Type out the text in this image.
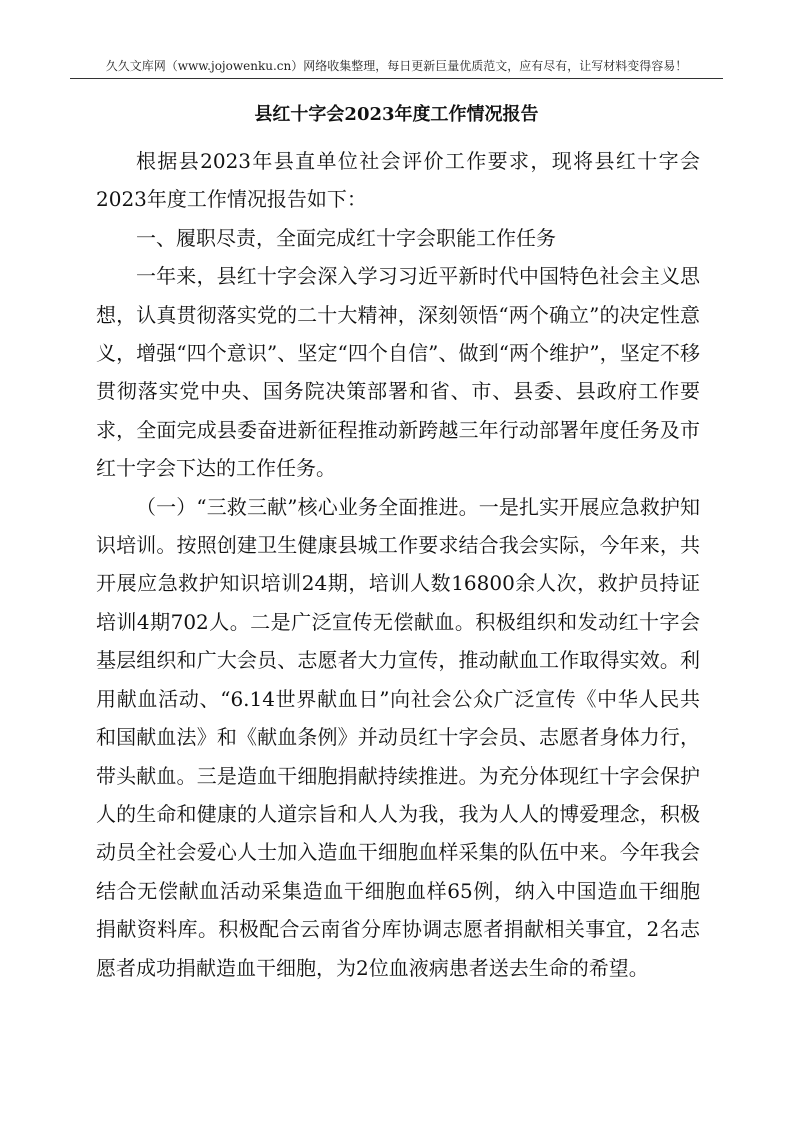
久久文库网（www.jojowenku.cn）网络收集整理，每日更新巨量优质范文，应有尽有，让写材料变得容易！
县红十字会2023年度工作情况报告

根据县2023年县直单位社会评价工作要求，现将县红十字会2023年度工作情况报告如下：

一、履职尽责，全面完成红十字会职能工作任务

一年来，县红十字会深入学习习近平新时代中国特色社会主义思想，认真贯彻落实党的二十大精神，深刻领悟“两个确立”的决定性意义，增强“四个意识”、坚定“四个自信”、做到“两个维护”，坚定不移贯彻落实党中央、国务院决策部署和省、市、县委、县政府工作要求，全面完成县委奋进新征程推动新跨越三年行动部署年度任务及市红十字会下达的工作任务。

（一）“三救三献”核心业务全面推进。一是扎实开展应急救护知识培训。按照创建卫生健康县城工作要求结合我会实际，今年来，共开展应急救护知识培训24期，培训人数16800余人次，救护员持证培训4期702人。二是广泛宣传无偿献血。积极组织和发动红十字会基层组织和广大会员、志愿者大力宣传，推动献血工作取得实效。利用献血活动、“6.14世界献血日”向社会公众广泛宣传《中华人民共和国献血法》和《献血条例》并动员红十字会员、志愿者身体力行，带头献血。三是造血干细胞捐献持续推进。为充分体现红十字会保护人的生命和健康的人道宗旨和人人为我，我为人人的博爱理念，积极动员全社会爱心人士加入造血干细胞血样采集的队伍中来。今年我会结合无偿献血活动采集造血干细胞血样65例，纳入中国造血干细胞捐献资料库。积极配合云南省分库协调志愿者捐献相关事宜，2名志愿者成功捐献造血干细胞，为2位血液病患者送去生命的希望。
